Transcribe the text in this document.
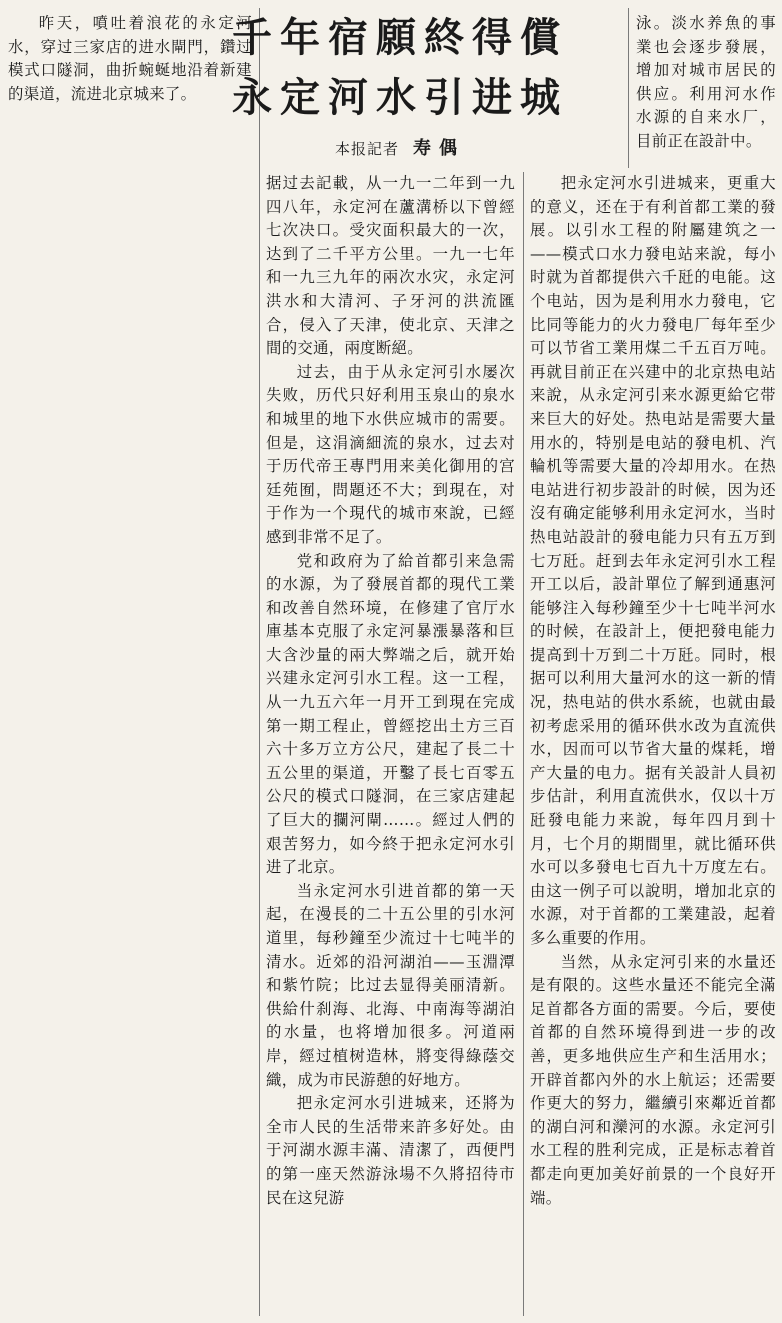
千年宿願終得償
永定河水引进城
本报記者 寿偶

昨天，噴吐着浪花的永定河水，穿过三家店的进水閘門，鑽过模式口隧洞，曲折蜿蜒地沿着新建的渠道，流进北京城来了。

据过去記載，从一九一二年到一九四八年，永定河在蘆溝桥以下曾經七次决口。受灾面积最大的一次，达到了二千平方公里。一九一七年和一九三九年的兩次水灾，永定河洪水和大清河、子牙河的洪流匯合，侵入了天津，使北京、天津之間的交通，兩度断絕。

过去，由于从永定河引水屡次失败，历代只好利用玉泉山的泉水和城里的地下水供应城市的需要。但是，这涓滴細流的泉水，过去对于历代帝王專門用来美化御用的宫廷苑囿，問題还不大；到現在，对于作为一个現代的城市來說，已經感到非常不足了。

党和政府为了給首都引来急需的水源，为了發展首都的現代工業和改善自然环境，在修建了官厅水庫基本克服了永定河暴漲暴落和巨大含沙量的兩大弊端之后，就开始兴建永定河引水工程。这一工程，从一九五六年一月开工到現在完成第一期工程止，曾經挖出土方三百六十多万立方公尺，建起了長二十五公里的渠道，开鑿了長七百零五公尺的模式口隧洞，在三家店建起了巨大的攔河閘……。經过人們的艰苦努力，如今終于把永定河水引进了北京。

当永定河水引进首都的第一天起，在漫長的二十五公里的引水河道里，每秒鐘至少流过十七吨半的清水。近郊的沿河湖泊——玉淵潭和紫竹院；比过去显得美丽清新。供給什刹海、北海、中南海等湖泊的水量，也将增加很多。河道兩岸，經过植树造林，將变得綠蔭交織，成为市民游憩的好地方。

把永定河水引进城来，还將为全市人民的生活带来許多好处。由于河湖水源丰滿、清潔了，西便門的第一座天然游泳場不久將招待市民在这兒游

泳。淡水养魚的事業也会逐步發展，增加对城市居民的供应。利用河水作水源的自来水厂，目前正在設計中。

把永定河水引进城来，更重大的意义，还在于有利首都工業的發展。以引水工程的附屬建筑之一——模式口水力發电站来說，每小时就为首都提供六千瓩的电能。这个电站，因为是利用水力發电，它比同等能力的火力發电厂每年至少可以节省工業用煤二千五百万吨。再就目前正在兴建中的北京热电站来說，从永定河引来水源更給它带来巨大的好处。热电站是需要大量用水的，特别是电站的發电机、汽輪机等需要大量的冷却用水。在热电站进行初步設計的时候，因为还沒有确定能够利用永定河水，当时热电站設計的發电能力只有五万到七万瓩。赶到去年永定河引水工程开工以后，設計單位了解到通惠河能够注入每秒鐘至少十七吨半河水的时候，在設計上，便把發电能力提高到十万到二十万瓩。同时，根据可以利用大量河水的这一新的情况，热电站的供水系統，也就由最初考虑采用的循环供水改为直流供水，因而可以节省大量的煤耗，增产大量的电力。据有关設計人員初步估計，利用直流供水，仅以十万瓩發电能力来說，每年四月到十月，七个月的期間里，就比循环供水可以多發电七百九十万度左右。由这一例子可以說明，增加北京的水源，对于首都的工業建設，起着多么重要的作用。

当然，从永定河引来的水量还是有限的。这些水量还不能完全滿足首都各方面的需要。今后，要使首都的自然环境得到进一步的改善，更多地供应生产和生活用水；开辟首都內外的水上航运；还需要作更大的努力，繼續引來鄰近首都的湖白河和灤河的水源。永定河引水工程的胜利完成，正是标志着首都走向更加美好前景的一个良好开端。
